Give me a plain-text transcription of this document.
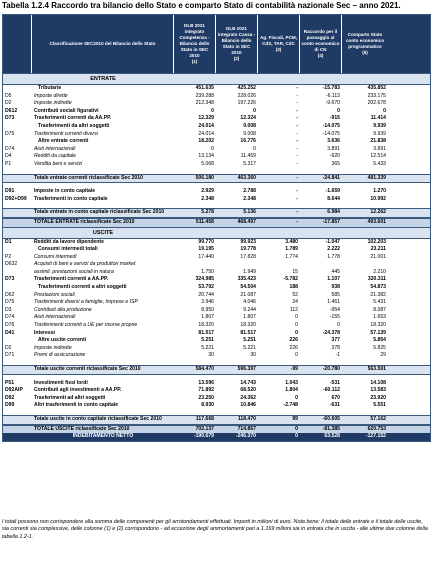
Tabella 1.2.4 Raccordo tra bilancio dello Stato e comparto Stato di contabilità nazionale Sec – anno 2021.
Classificazione SEC2010 del Bilancio dello Stato
DLB 2021 integrato Competenza - Bilancio dello Stato in SEC 2010
(1)
DLB 2021 integrato Cassa - Bilancio dello Stato in SEC 2010
(2)
Ag. Fiscali, PCM, CdS, TAR, CdC
(3)
Raccordo per il passaggio al conto economico di CN
(4)
Comparto Stato conto economico programmatico
(5)
ENTRATE
Tributarie	451.635	425.252	-	-15.783	435.852
D5	Imposte dirette	239.288	228.026	-	-6.113	233.175
D2	Imposte indirette	212.348	197.226	-	-9.670	202.678
D612	Contributi sociali figurativi	0	0	-	0	0
D73	Trasferimenti correnti da AA.PP.	12.329	12.324	-	-915	11.414
Trasferimenti da altri soggetti	24.014	9.008	-	-14.075	9.939
D75	Trasferimenti correnti diversi	24.014	9.008	-	-14.075	9.939
Altre entrate correnti	18.202	16.776	-	3.636	21.838
D74	Aiuti internazionali	0	0	-	3.891	3.891
D4	Redditi da capitale	13.134	11.459	-	-620	12.514
P1	Vendita beni e servizi	5.068	5.317	-	365	5.433
Totale entrate correnti riclassificate Sec 2010	506.180	463.360	-	-24.841	481.339
D91	Imposte in conto capitale	2.929	2.788	-	-1.659	1.270
D92+D99	Trasferimenti in conto capitale	2.348	2.348	-	8.644	10.992
Totale entrate in conto capitale riclassificate Sec 2010	5.278	5.136	-	6.984	12.262
TOTALE ENTRATE riclassificate Sec 2010	511.458	468.497	-	-17.857	493.601
USCITE
D1	Redditi da lavoro dipendente	99.770	99.923	3.480	-1.047	102.203
Consumi intermedi totali	19.195	19.778	1.789	2.222	23.211
P2	Consumi intermedi	17.449	17.828	1.774	1.778	21.001
D632	Acquisti di beni e servizi da produttori market
assimil. prestazioni sociali in natura	1.750	1.949	15	445	2.210
D73	Trasferimenti correnti a AA.PP.	324.985	335.423	-5.782	1.107	320.311
Trasferimenti correnti a altri soggetti	53.792	54.504	188	938	54.873
D62	Prestazioni sociali	20.744	21.087	52	585	21.382
D75	Trasferimenti diversi a famiglie, Imprese e ISP	3.946	4.046	24	1.461	5.431
D3	Contributi alla produzione	8.950	9.244	112	-954	8.087
D74	Aiuti internazionali	1.807	1.807	0	-155	1.653
D76	Trasferimenti correnti a UE per risorse proprie	18.320	18.320	0	0	18.320
D41	Interessi	81.517	81.517	0	-24.378	57.139
Altre uscite correnti	5.251	5.251	226	377	5.854
D2	Imposte indirette	5.221	5.221	226	378	5.825
D71	Premi di assicurazione	30	30	0	-1	29
Totale uscite correnti riclassificate Sec 2010	584.470	596.397	-99	-20.780	563.591
P51	Investimenti fissi lordi	13.596	14.743	1.043	-531	14.108
D92AIP	Contributi agli investimenti a AA.PP.	71.892	68.520	1.804	-60.112	13.583
D92	Trasferimenti ad altri soggetti	23.250	24.362	0	670	23.920
D99	Altri trasferimenti in conto capitale	8.930	10.846	-2.748	-631	5.551
Totale uscite in conto capitale riclassificate Sec 2010	117.668	118.470	99	-60.605	57.162
TOTALE USCITE riclassificate Sec 2010	702.137	714.867	0	-81.385	620.753
INDEBITAMENTO NETTO	-190.679	-246.370	0	63.528	-127.152
I totali possono non corrispondere alla somma delle componenti per gli arrotondamenti effettuati. Importi in milioni di euro. Nota bene: il totale delle entrate e il totale delle uscite, sia correnti sia complessive, delle colonne (1) e (2) corrispondono - ad eccezione degli ammortamenti pari a 1.169 milioni sia in entrata che in uscita - alle ultime due colonne della tabella 1.2-1.
